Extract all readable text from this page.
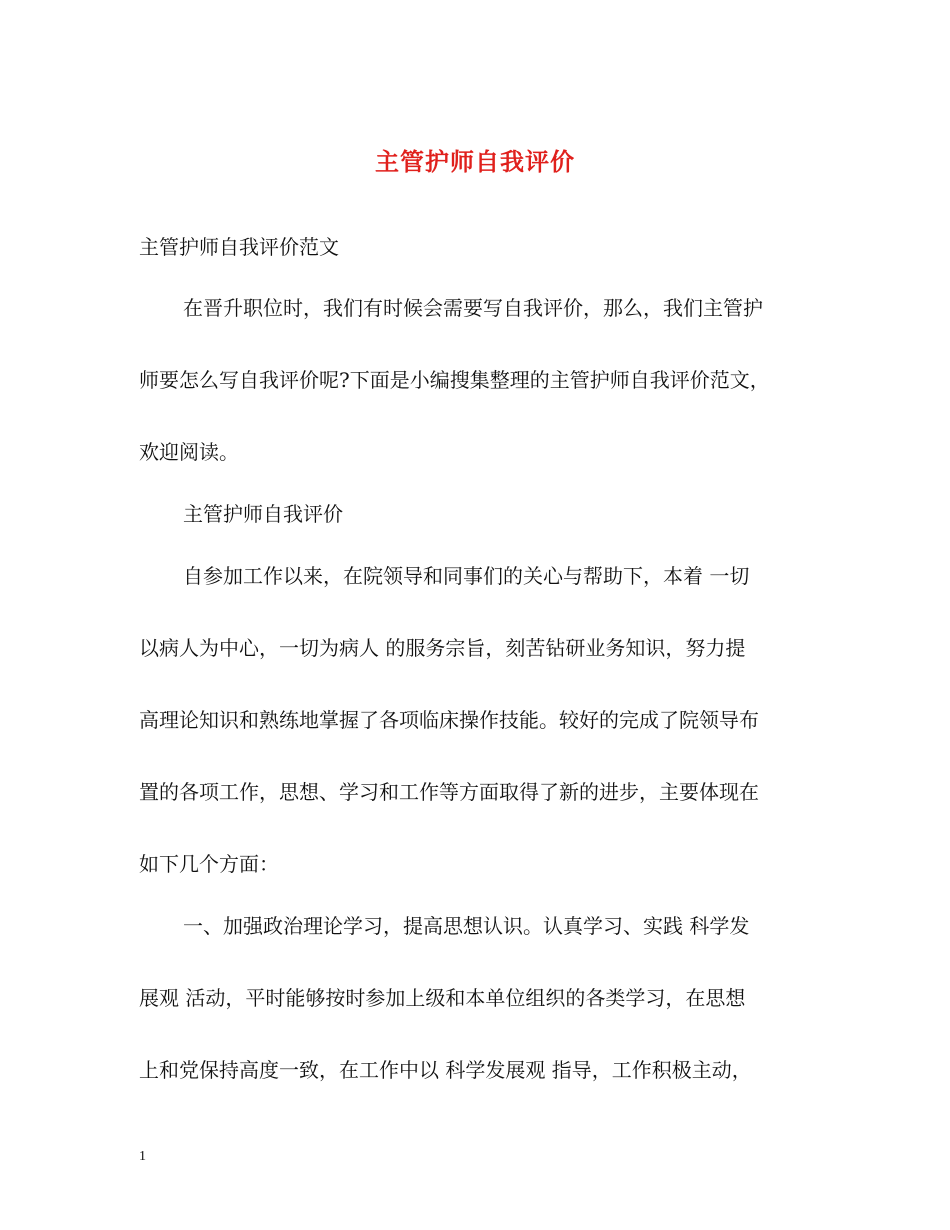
主管护师自我评价
主管护师自我评价范文
在晋升职位时，我们有时候会需要写自我评价，那么，我们主管护
师要怎么写自我评价呢?下面是小编搜集整理的主管护师自我评价范文，
欢迎阅读。
主管护师自我评价
自参加工作以来，在院领导和同事们的关心与帮助下，本着 一切
以病人为中心，一切为病人 的服务宗旨，刻苦钻研业务知识，努力提
高理论知识和熟练地掌握了各项临床操作技能。较好的完成了院领导布
置的各项工作，思想、学习和工作等方面取得了新的进步，主要体现在
如下几个方面：
一、加强政治理论学习，提高思想认识。认真学习、实践 科学发
展观 活动，平时能够按时参加上级和本单位组织的各类学习，在思想
上和党保持高度一致，在工作中以 科学发展观 指导，工作积极主动，
1
